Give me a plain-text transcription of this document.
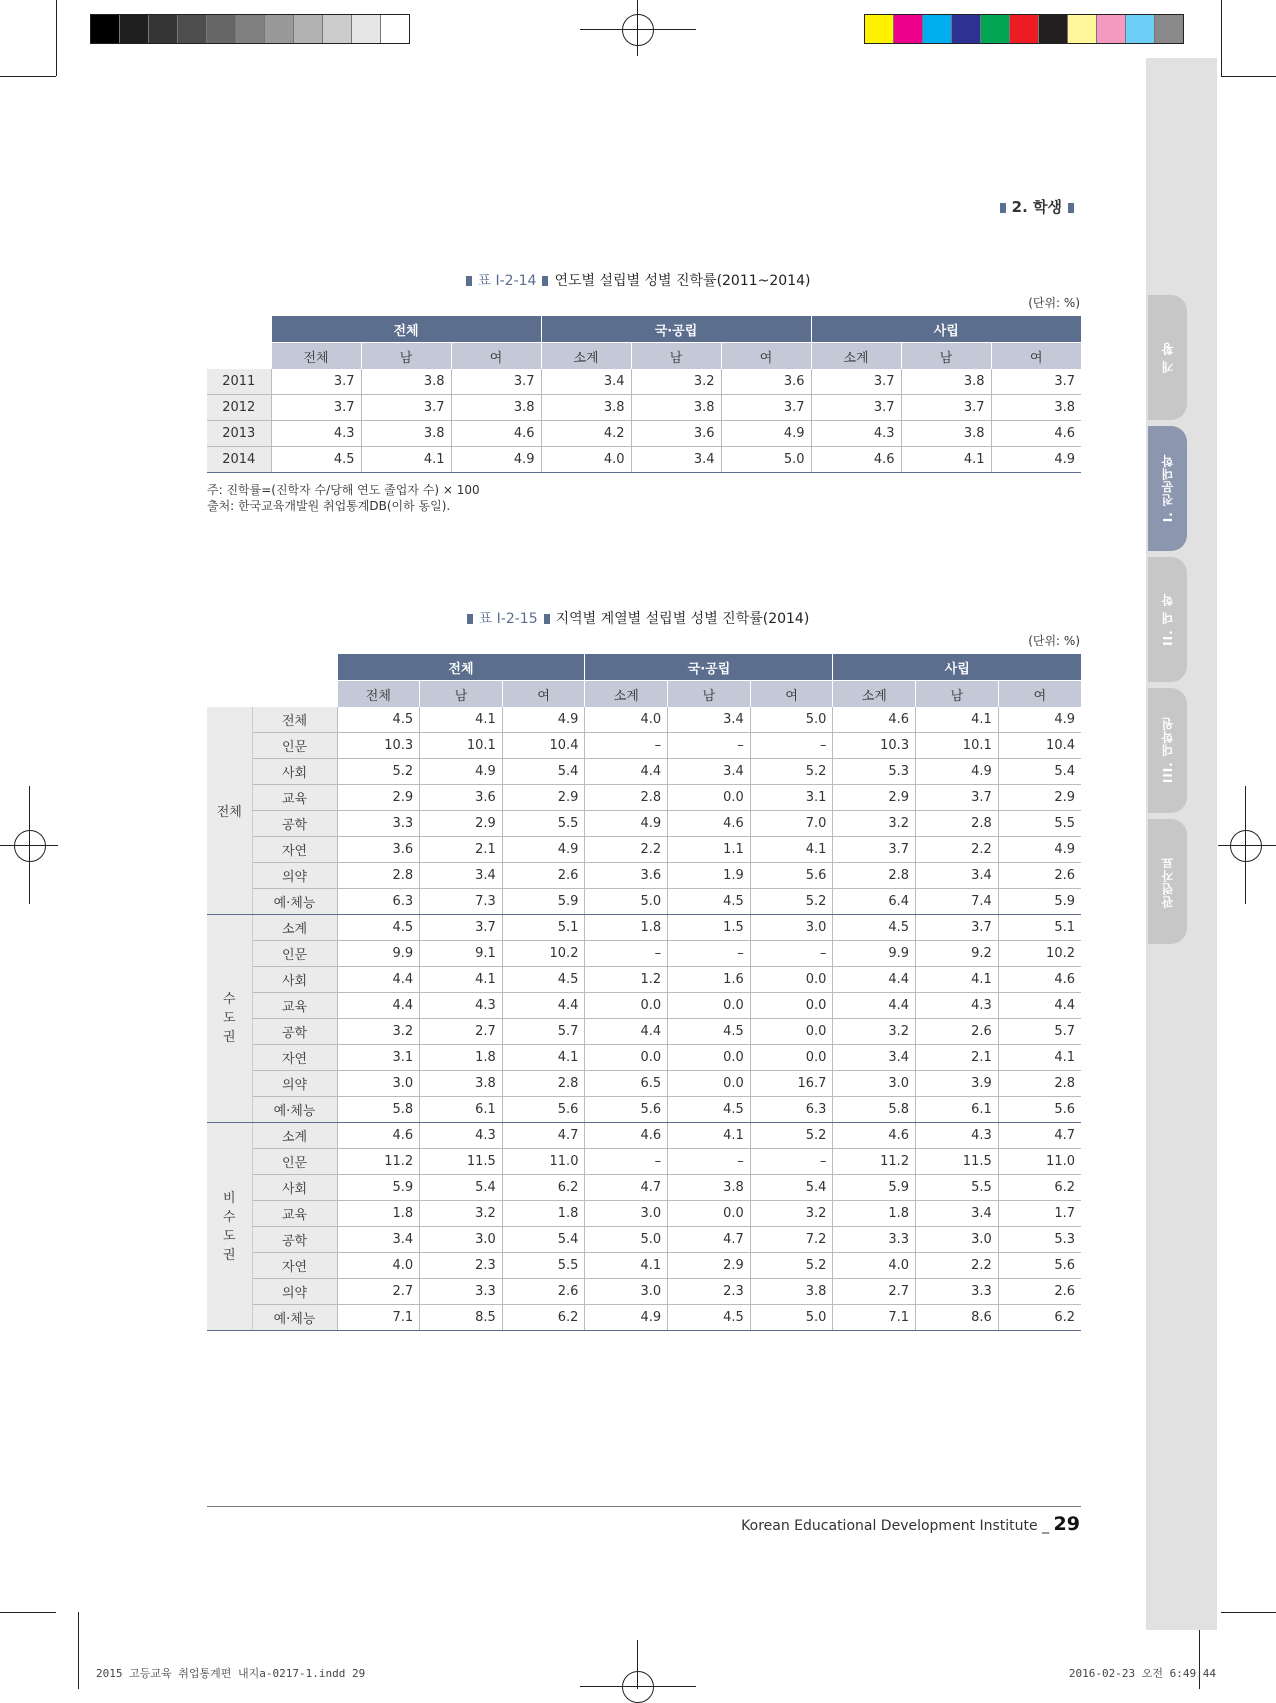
개 황
I. 전문대학
II. 대 학
III. 대학원
관련자료
2. 학생
표 Ⅰ-2-14 연도별 설립별 성별 진학률(2011~2014)
(단위: %)
	전체			국·공립			사립		
	전체	남	여	소계	남	여	소계	남	여
2011	3.7	3.8	3.7	3.4	3.2	3.6	3.7	3.8	3.7
2012	3.7	3.7	3.8	3.8	3.8	3.7	3.7	3.7	3.8
2013	4.3	3.8	4.6	4.2	3.6	4.9	4.3	3.8	4.6
2014	4.5	4.1	4.9	4.0	3.4	5.0	4.6	4.1	4.9
주: 진학률=(진학자 수/당해 연도 졸업자 수) × 100
출처: 한국교육개발원 취업통계DB(이하 동일).
표 Ⅰ-2-15 지역별 계열별 설립별 성별 진학률(2014)
(단위: %)
		전체			국·공립			사립		
		전체	남	여	소계	남	여	소계	남	여

전체	전체	4.5	4.1	4.9	4.0	3.4	5.0	4.6	4.1	4.9
	인문	10.3	10.1	10.4	–	–	–	10.3	10.1	10.4
	사회	5.2	4.9	5.4	4.4	3.4	5.2	5.3	4.9	5.4
	교육	2.9	3.6	2.9	2.8	0.0	3.1	2.9	3.7	2.9
	공학	3.3	2.9	5.5	4.9	4.6	7.0	3.2	2.8	5.5
	자연	3.6	2.1	4.9	2.2	1.1	4.1	3.7	2.2	4.9
	의약	2.8	3.4	2.6	3.6	1.9	5.6	2.8	3.4	2.6
	예·체능	6.3	7.3	5.9	5.0	4.5	5.2	6.4	7.4	5.9

수도권	소계	4.5	3.7	5.1	1.8	1.5	3.0	4.5	3.7	5.1
	인문	9.9	9.1	10.2	–	–	–	9.9	9.2	10.2
	사회	4.4	4.1	4.5	1.2	1.6	0.0	4.4	4.1	4.6
	교육	4.4	4.3	4.4	0.0	0.0	0.0	4.4	4.3	4.4
	공학	3.2	2.7	5.7	4.4	4.5	0.0	3.2	2.6	5.7
	자연	3.1	1.8	4.1	0.0	0.0	0.0	3.4	2.1	4.1
	의약	3.0	3.8	2.8	6.5	0.0	16.7	3.0	3.9	2.8
	예·체능	5.8	6.1	5.6	5.6	4.5	6.3	5.8	6.1	5.6

비수도권	소계	4.6	4.3	4.7	4.6	4.1	5.2	4.6	4.3	4.7
	인문	11.2	11.5	11.0	–	–	–	11.2	11.5	11.0
	사회	5.9	5.4	6.2	4.7	3.8	5.4	5.9	5.5	6.2
	교육	1.8	3.2	1.8	3.0	0.0	3.2	1.8	3.4	1.7
	공학	3.4	3.0	5.4	5.0	4.7	7.2	3.3	3.0	5.3
	자연	4.0	2.3	5.5	4.1	2.9	5.2	4.0	2.2	5.6
	의약	2.7	3.3	2.6	3.0	2.3	3.8	2.7	3.3	2.6
	예·체능	7.1	8.5	6.2	4.9	4.5	5.0	7.1	8.6	6.2
Korean Educational Development Institute _ 29
2015 고등교육 취업통계편 내지a-0217-1.indd 29	2016-02-23 오전 6:49:44
